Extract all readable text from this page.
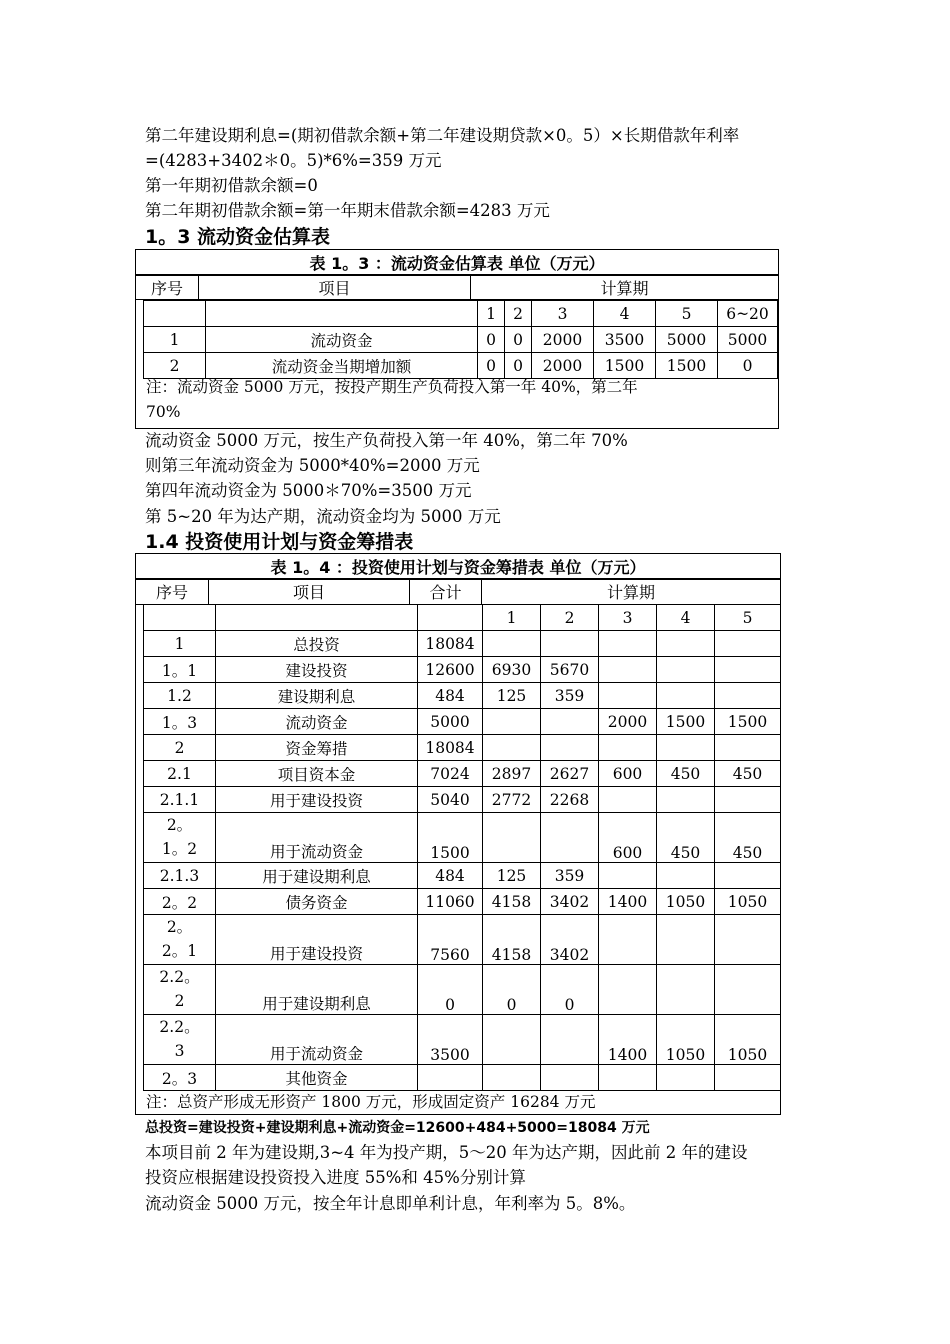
第二年建设期利息=(期初借款余额+第二年建设期贷款×0。5）×长期借款年利率
=(4283+3402＊0。5)*6%=359 万元
第一年期初借款余额=0
第二年期初借款余额=第一年期末借款余额=4283 万元
1。3 流动资金估算表
表 1。3 ：流动资金估算表 单位（万元）
注：流动资金 5000 万元，按投产期生产负荷投入第一年 40%，第二年
70%
序号	项目	计算期
		1	2	3	4	5	6~20
1	流动资金	0	0	2000	3500	5000	5000
2	流动资金当期增加额	0	0	2000	1500	1500	0
流动资金 5000 万元，按生产负荷投入第一年 40%，第二年 70%
则第三年流动资金为 5000*40%=2000 万元
第四年流动资金为 5000＊70%=3500 万元
第 5~20 年为达产期，流动资金均为 5000 万元
1.4 投资使用计划与资金筹措表
表 1。4 ：投资使用计划与资金筹措表 单位（万元）
注：总资产形成无形资产 1800 万元，形成固定资产 16284 万元
序号	项目	合计	计算期
			1	2	3	4	5
1	总投资	18084					
1。1	建设投资	12600	6930	5670			
1.2	建设期利息	484	125	359			
1。3	流动资金	5000			2000	1500	1500
2	资金筹措	18084					
2.1	项目资本金	7024	2897	2627	600	450	450
2.1.1	用于建设投资	5040	2772	2268			
2。1。2	用于流动资金	1500			600	450	450
2.1.3	用于建设期利息	484	125	359			
2。2	债务资金	11060	4158	3402	1400	1050	1050
2。2。1	用于建设投资	7560	4158	3402			
2.2。2	用于建设期利息	0	0	0			
2.2。3	用于流动资金	3500			1400	1050	1050
2。3	其他资金						
总投资=建设投资+建设期利息+流动资金=12600+484+5000=18084 万元
本项目前 2 年为建设期,3~4 年为投产期，5～20 年为达产期，因此前 2 年的建设
投资应根据建设投资投入进度 55%和 45%分别计算
流动资金 5000 万元，按全年计息即单利计息，年利率为 5。8%。
